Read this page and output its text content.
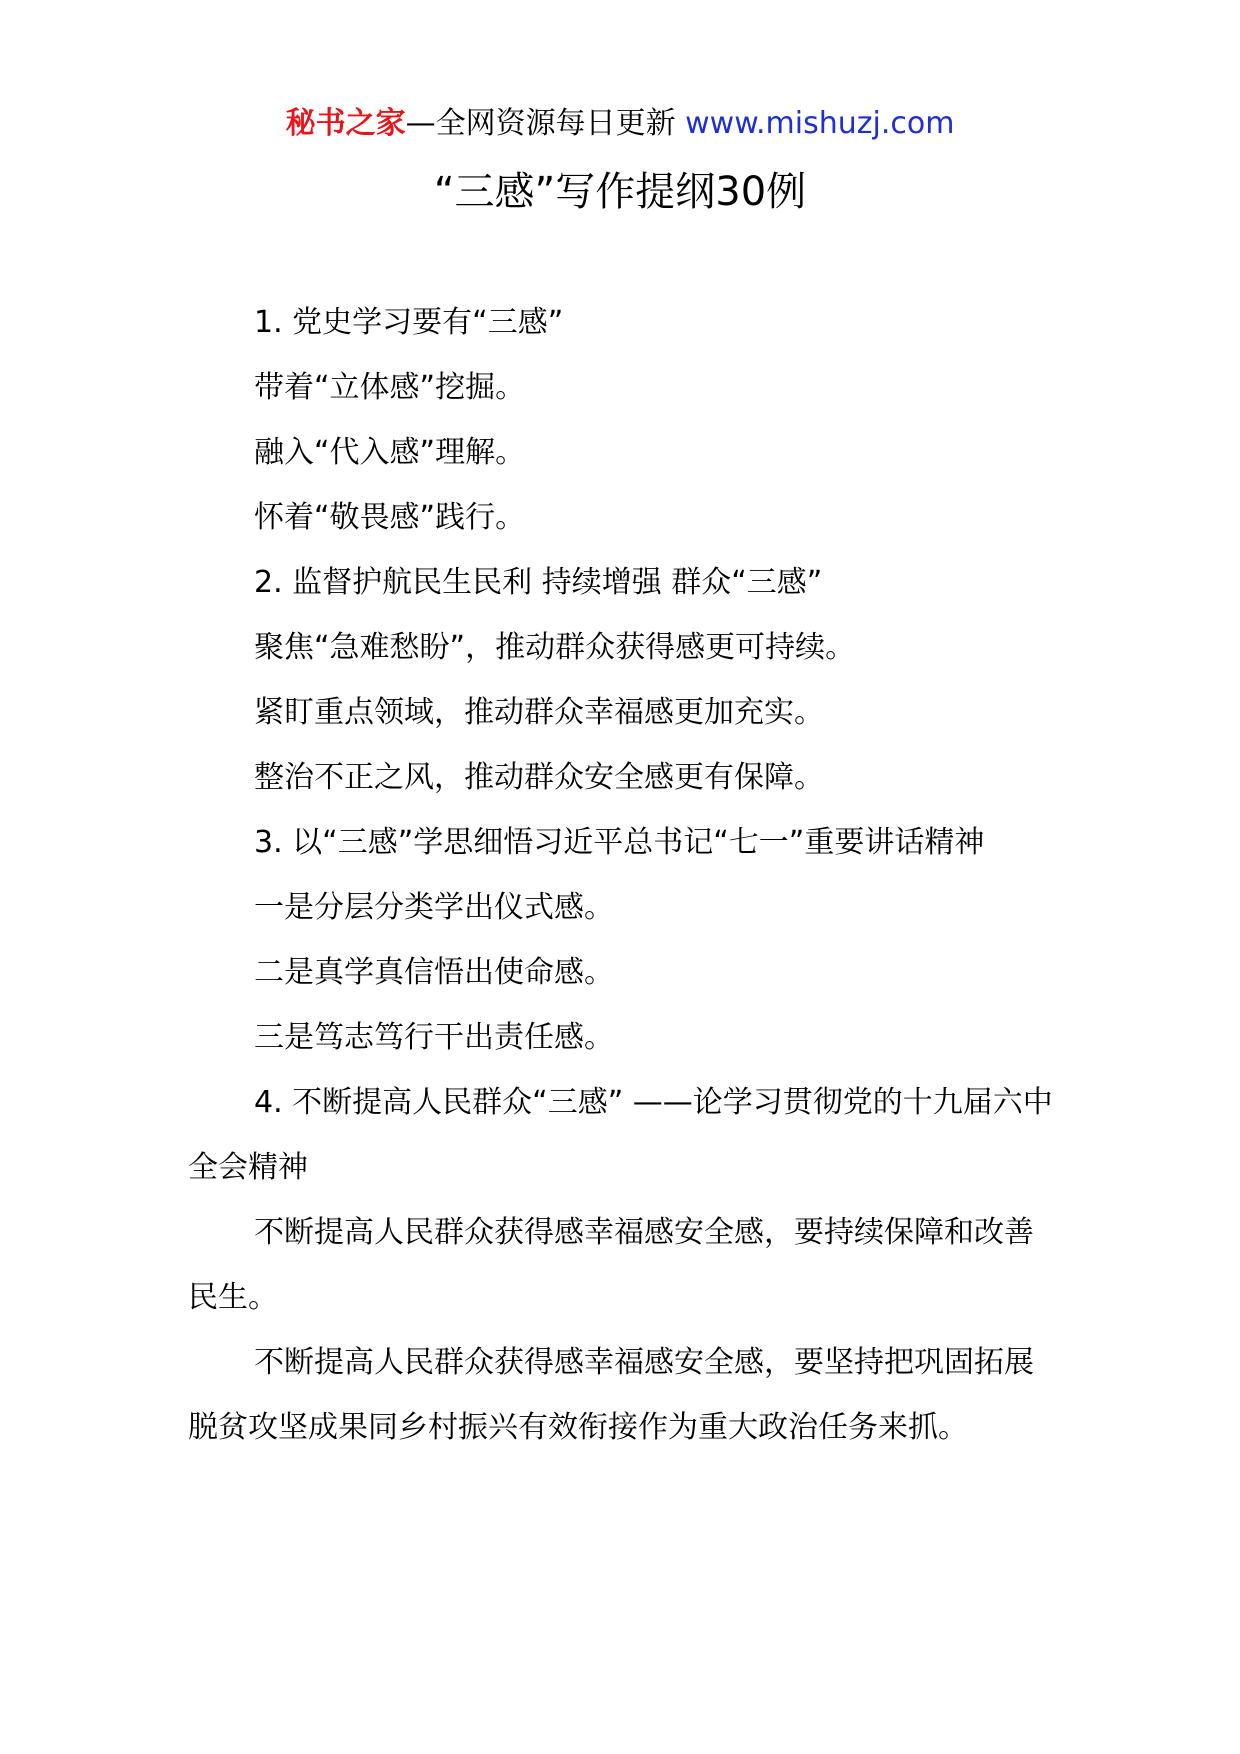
秘书之家—全网资源每日更新 www.mishuzj.com
“三感”写作提纲30例

1. 党史学习要有“三感”

带着“立体感”挖掘。

融入“代入感”理解。

怀着“敬畏感”践行。

2. 监督护航民生民利 持续增强 群众“三感”

聚焦“急难愁盼”，推动群众获得感更可持续。

紧盯重点领域，推动群众幸福感更加充实。

整治不正之风，推动群众安全感更有保障。

3. 以“三感”学思细悟习近平总书记“七一”重要讲话精神

一是分层分类学出仪式感。

二是真学真信悟出使命感。

三是笃志笃行干出责任感。

4. 不断提高人民群众“三感” ——论学习贯彻党的十九届六中全会精神

不断提高人民群众获得感幸福感安全感，要持续保障和改善民生。

不断提高人民群众获得感幸福感安全感，要坚持把巩固拓展脱贫攻坚成果同乡村振兴有效衔接作为重大政治任务来抓。
